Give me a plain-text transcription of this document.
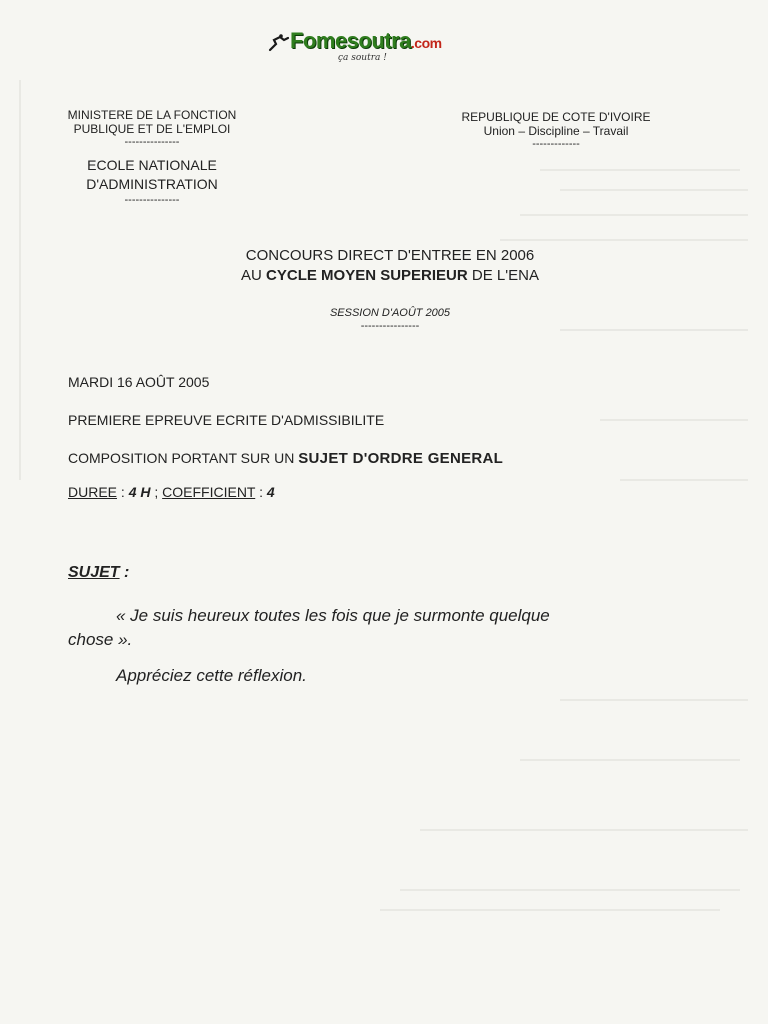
Fomesoutra.com
ça soutra !
MINISTERE DE LA FONCTION
PUBLIQUE ET DE L'EMPLOI
---------------
ECOLE NATIONALE
D'ADMINISTRATION
---------------
REPUBLIQUE DE COTE D'IVOIRE
Union – Discipline – Travail
-------------
CONCOURS DIRECT D'ENTREE EN 2006
AU CYCLE MOYEN SUPERIEUR DE L'ENA
SESSION D'AOÛT 2005
----------------
MARDI 16 AOÛT 2005
PREMIERE EPREUVE ECRITE D'ADMISSIBILITE
COMPOSITION PORTANT SUR UN SUJET D'ORDRE GENERAL
DUREE : 4 H ; COEFFICIENT : 4
SUJET :
« Je suis heureux toutes les fois que je surmonte quelque
chose ».
Appréciez cette réflexion.
